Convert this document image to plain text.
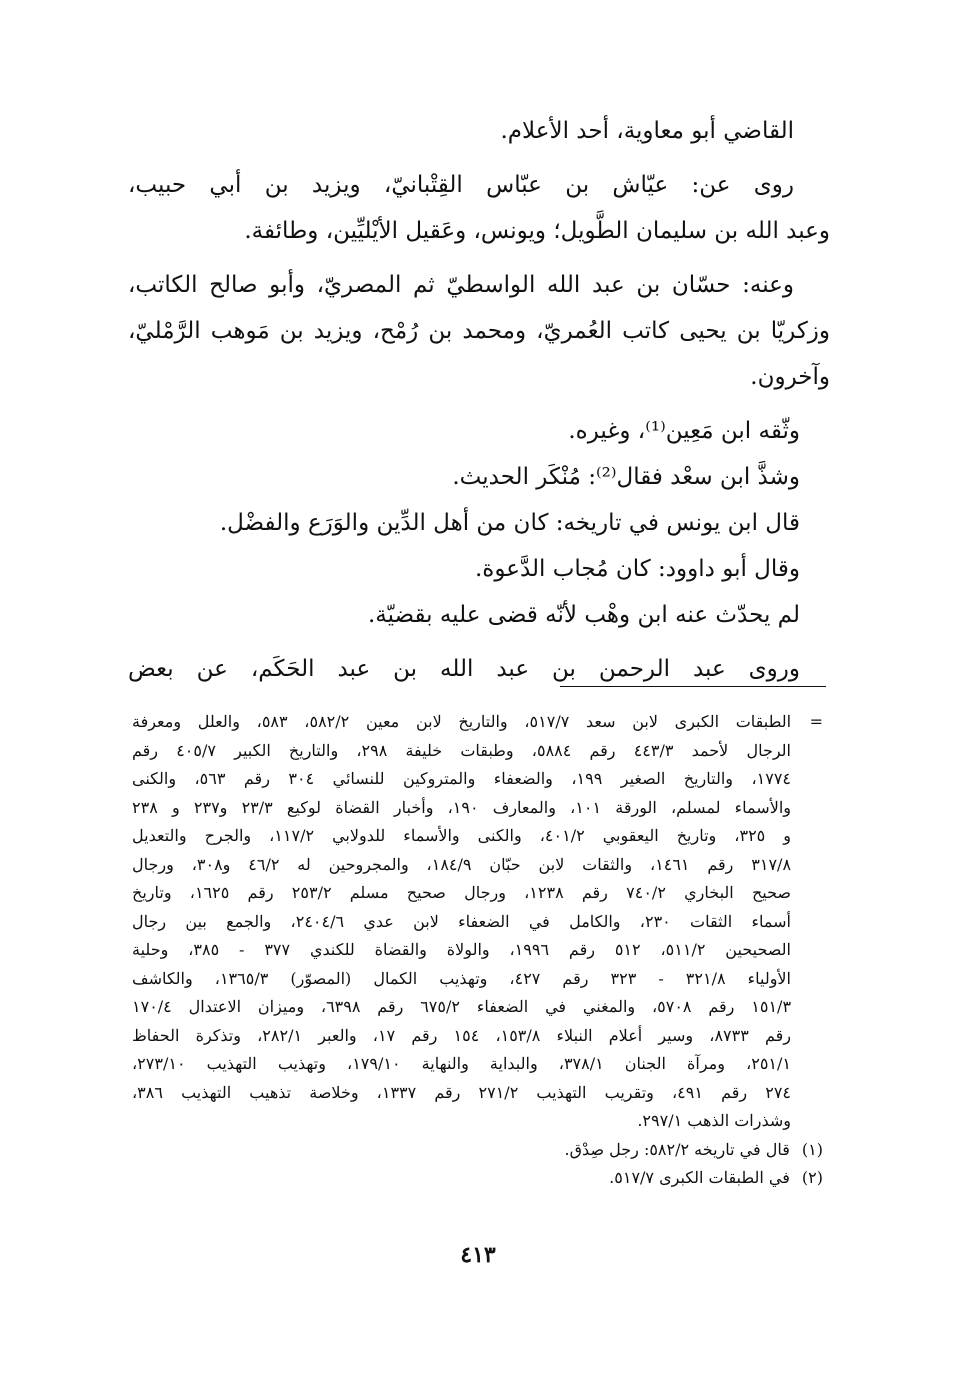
القاضي أبو معاوية، أحد الأعلام.
روى عن: عيّاش بن عبّاس القِتْبانيّ، ويزيد بن أبي حبيب،
وعبد الله بن سليمان الطَّويل؛ ويونس، وعَقيل الأيْليِّين، وطائفة.
وعنه: حسّان بن عبد الله الواسطيّ ثم المصريّ، وأبو صالح الكاتب،
وزكريّا بن يحيى كاتب العُمريّ، ومحمد بن رُمْح، ويزيد بن مَوهب الرَّمْليّ،
وآخرون.
وثّقه ابن مَعِين⁽¹⁾، وغيره.
وشذَّ ابن سعْد فقال⁽²⁾: مُنْكَر الحديث.
قال ابن يونس في تاريخه: كان من أهل الدِّين والوَرَع والفضْل.
وقال أبو داوود: كان مُجاب الدَّعوة.
لم يحدّث عنه ابن وهْب لأنّه قضى عليه بقضيّة.
وروى عبد الرحمن بن عبد الله بن عبد الحَكَم، عن بعض
=
الطبقات الكبرى لابن سعد ٥١٧/٧، والتاريخ لابن معين ٥٨٢/٢، ٥٨٣، والعلل ومعرفة
الرجال لأحمد ٤٤٣/٣ رقم ٥٨٨٤، وطبقات خليفة ٢٩٨، والتاريخ الكبير ٤٠٥/٧ رقم
١٧٧٤، والتاريخ الصغير ١٩٩، والضعفاء والمتروكين للنسائي ٣٠٤ رقم ٥٦٣، والكنى
والأسماء لمسلم، الورقة ١٠١، والمعارف ١٩٠، وأخبار القضاة لوكيع ٢٣/٣ و٢٣٧ و ٢٣٨
و ٣٢٥، وتاريخ اليعقوبي ٤٠١/٢، والكنى والأسماء للدولابي ١١٧/٢، والجرح والتعديل
٣١٧/٨ رقم ١٤٦١، والثقات لابن حبّان ١٨٤/٩، والمجروحين له ٤٦/٢ و٣٠٨، ورجال
صحيح البخاري ٧٤٠/٢ رقم ١٢٣٨، ورجال صحيح مسلم ٢٥٣/٢ رقم ١٦٢٥، وتاريخ
أسماء الثقات ٢٣٠، والكامل في الضعفاء لابن عدي ٢٤٠٤/٦، والجمع بين رجال
الصحيحين ٥١١/٢، ٥١٢ رقم ١٩٩٦، والولاة والقضاة للكندي ٣٧٧ - ٣٨٥، وحلية
الأولياء ٣٢١/٨ - ٣٢٣ رقم ٤٢٧، وتهذيب الكمال (المصوّر) ١٣٦٥/٣، والكاشف
١٥١/٣ رقم ٥٧٠٨، والمغني في الضعفاء ٦٧٥/٢ رقم ٦٣٩٨، وميزان الاعتدال ١٧٠/٤
رقم ٨٧٣٣، وسير أعلام النبلاء ١٥٣/٨، ١٥٤ رقم ١٧، والعبر ٢٨٢/١، وتذكرة الحفاظ
٢٥١/١، ومرآة الجنان ٣٧٨/١، والبداية والنهاية ١٧٩/١٠، وتهذيب التهذيب ٢٧٣/١٠،
٢٧٤ رقم ٤٩١، وتقريب التهذيب ٢٧١/٢ رقم ١٣٣٧، وخلاصة تذهيب التهذيب ٣٨٦،
وشذرات الذهب ٢٩٧/١.
(١) قال في تاريخه ٥٨٢/٢: رجل صِدْق.
(٢) في الطبقات الكبرى ٥١٧/٧.
٤١٣
